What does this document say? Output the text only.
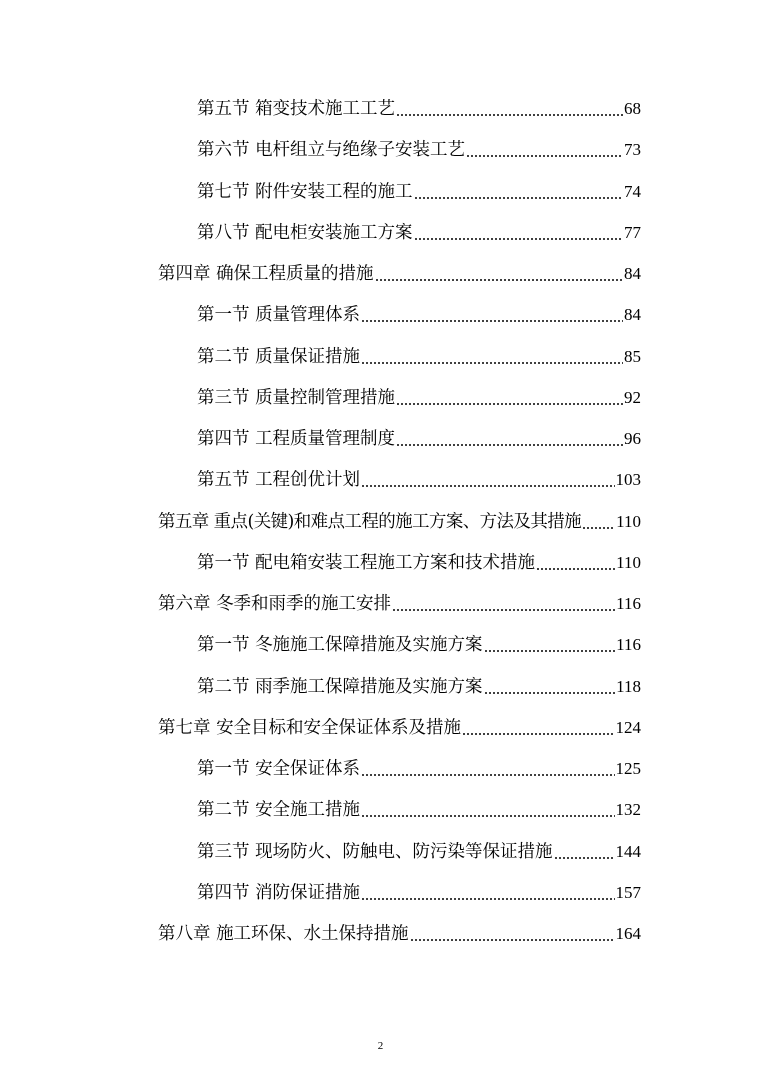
第五节 箱变技术施工工艺	68
第六节 电杆组立与绝缘子安装工艺	73
第七节 附件安装工程的施工	74
第八节 配电柜安装施工方案	77
第四章 确保工程质量的措施	84
第一节 质量管理体系	84
第二节 质量保证措施	85
第三节 质量控制管理措施	92
第四节 工程质量管理制度	96
第五节 工程创优计划	103
第五章 重点(关键)和难点工程的施工方案、方法及其措施 110
第一节 配电箱安装工程施工方案和技术措施	110
第六章 冬季和雨季的施工安排	116
第一节 冬施施工保障措施及实施方案	116
第二节 雨季施工保障措施及实施方案	118
第七章 安全目标和安全保证体系及措施	124
第一节 安全保证体系	125
第二节 安全施工措施	132
第三节 现场防火、防触电、防污染等保证措施	144
第四节 消防保证措施	157
第八章 施工环保、水土保持措施	164
2
